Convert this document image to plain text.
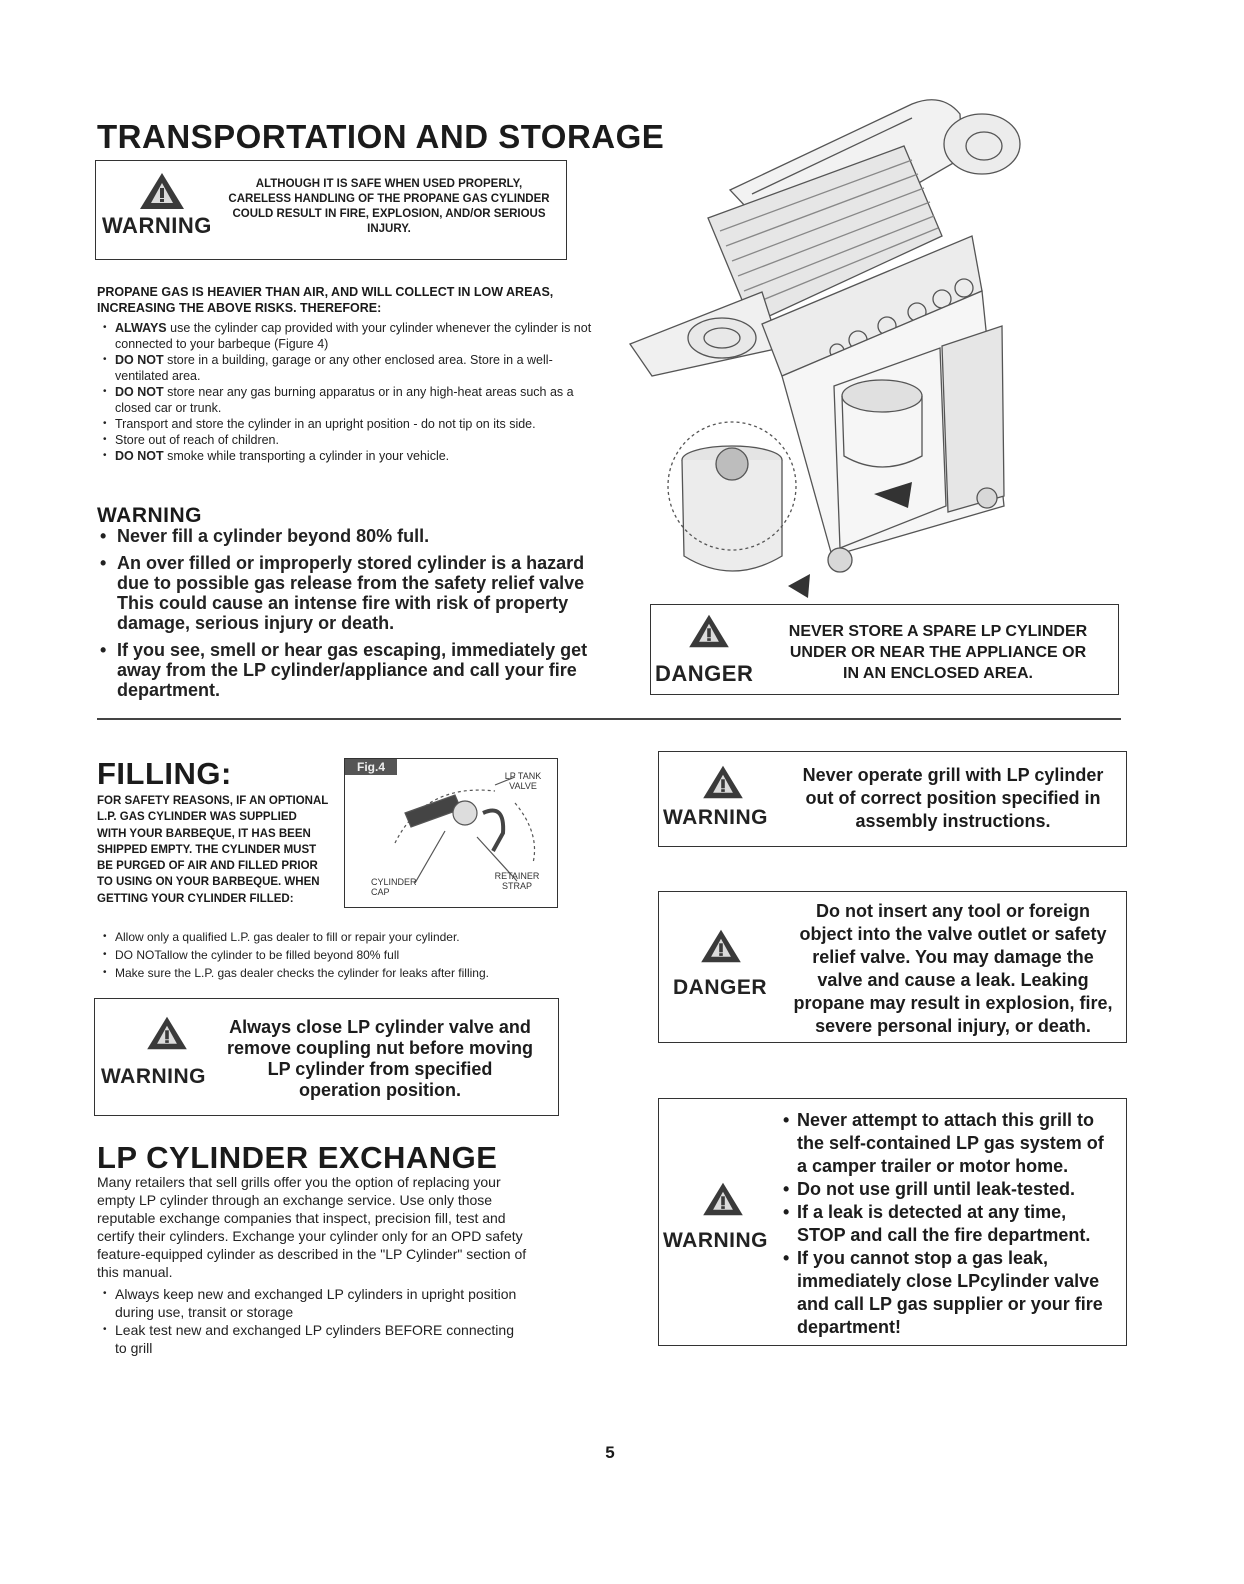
TRANSPORTATION AND STORAGE
WARNING
ALTHOUGH IT IS SAFE WHEN USED PROPERLY,
CARELESS HANDLING OF THE PROPANE GAS CYLINDER
COULD RESULT IN FIRE, EXPLOSION, AND/OR SERIOUS
INJURY.
PROPANE GAS IS HEAVIER THAN AIR, AND WILL COLLECT IN LOW AREAS,
INCREASING THE ABOVE RISKS. THEREFORE:
• ALWAYS use the cylinder cap provided with your cylinder whenever the cylinder is not connected to your barbeque (Figure 4)
• DO NOT store in a building, garage or any other enclosed area. Store in a well-ventilated area.
• DO NOT store near any gas burning apparatus or in any high-heat areas such as a closed car or trunk.
• Transport and store the cylinder in an upright position - do not tip on its side.
• Store out of reach of children.
• DO NOT smoke while transporting a cylinder in your vehicle.
WARNING
• Never fill a cylinder beyond 80% full.
• An over filled or improperly stored cylinder is a hazard due to possible gas release from the safety relief valve This could cause an intense fire with risk of property damage, serious injury or death.
• If you see, smell or hear gas escaping, immediately get away from the LP cylinder/appliance and call your fire department.
DANGER
NEVER STORE A SPARE LP CYLINDER
UNDER OR NEAR THE APPLIANCE OR
IN AN ENCLOSED AREA.
FILLING:
FOR SAFETY REASONS, IF AN OPTIONAL
L.P. GAS CYLINDER WAS SUPPLIED
WITH YOUR BARBEQUE, IT HAS BEEN
SHIPPED EMPTY. THE CYLINDER MUST
BE PURGED OF AIR AND FILLED PRIOR
TO USING ON YOUR BARBEQUE. WHEN
GETTING YOUR CYLINDER FILLED:
Fig.4
LP TANK
VALVE
CYLINDER
CAP
RETAINER
STRAP
• Allow only a qualified L.P. gas dealer to fill or repair your cylinder.
• DO NOTallow the cylinder to be filled beyond 80% full
• Make sure the L.P. gas dealer checks the cylinder for leaks after filling.
WARNING
Always close LP cylinder valve and
remove coupling nut before moving
LP cylinder from specified
operation position.
LP CYLINDER EXCHANGE
Many retailers that sell grills offer you the option of replacing your
empty LP cylinder through an exchange service. Use only those
reputable exchange companies that inspect, precision fill, test and
certify their cylinders. Exchange your cylinder only for an OPD safety
feature-equipped cylinder as described in the "LP Cylinder" section of
this manual.
• Always keep new and exchanged LP cylinders in upright position
during use, transit or storage
• Leak test new and exchanged LP cylinders BEFORE connecting
to grill
WARNING
Never operate grill with LP cylinder
out of correct position specified in
assembly instructions.
DANGER
Do not insert any tool or foreign
object into the valve outlet or safety
relief valve. You may damage the
valve and cause a leak. Leaking
propane may result in explosion, fire,
severe personal injury, or death.
WARNING
• Never attempt to attach this grill to
the self-contained LP gas system of
a camper trailer or motor home.
• Do not use grill until leak-tested.
• If a leak is detected at any time,
STOP and call the fire department.
• If you cannot stop a gas leak,
immediately close LPcylinder valve
and call LP gas supplier or your fire
department!
5
